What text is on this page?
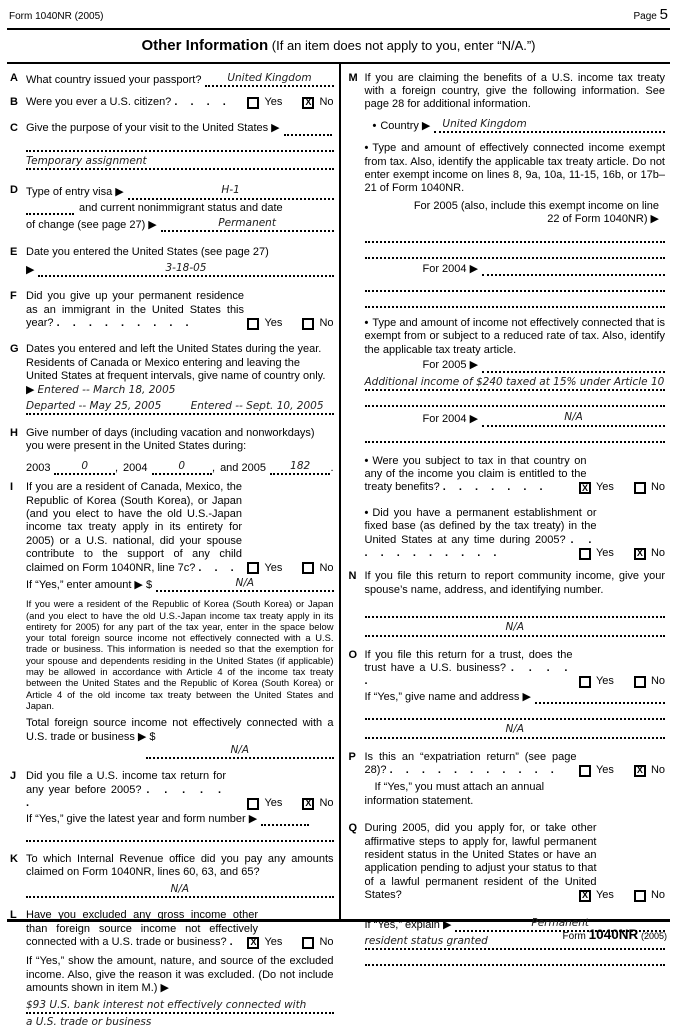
Form 1040NR (2005)	Page 5
Other Information (If an item does not apply to you, enter “N/A.”)
A What country issued your passport?	United Kingdom
B Were you ever a U.S. citizen? . . . .	Yes	X No
C Give the purpose of your visit to the United States ▶
Temporary assignment
D Type of entry visa ▶	H-1
and current nonimmigrant status and date
of change (see page 27) ▶	Permanent
E Date you entered the United States (see page 27)
▶	3-18-05
F Did you give up your permanent residence as an immigrant in the United States this year? . . . . . . . . .	Yes	No
G Dates you entered and left the United States during the year. Residents of Canada or Mexico entering and leaving the United States at frequent intervals, give name of country only. ▶ Entered -- March 18, 2005
Departed -- May 25, 2005	Entered -- Sept. 10, 2005
H Give number of days (including vacation and nonworkdays) you were present in the United States during:
2003	0	, 2004	0	, and 2005	182	.
I	If you are a resident of Canada, Mexico, the Republic of Korea (South Korea), or Japan (and you elect to have the old U.S.-Japan income tax treaty apply in its entirety for 2005) or a U.S. national, did your spouse contribute to the support of any child claimed on Form 1040NR, line 7c? . . . Yes	No
If “Yes,” enter amount ▶ $	N/A
If you were a resident of the Republic of Korea (South Korea) or Japan (and you elect to have the old U.S.-Japan income tax treaty apply in its entirety for 2005) for any part of the tax year, enter in the space below your total foreign source income not effectively connected with a U.S. trade or business. This information is needed so that the exemption for your spouse and dependents residing in the United States (if applicable) may be allowed in accordance with Article 4 of the income tax treaty between the United States and the Republic of Korea (South Korea) or Article 4 of the old income tax treaty between the United States and Japan.
Total foreign source income not effectively connected with a U.S. trade or business ▶ $
N/A
J Did you file a U.S. income tax return for any year before 2005? . . . . . .	Yes	X No
If “Yes,” give the latest year and form number ▶
K To which Internal Revenue office did you pay any amounts claimed on Form 1040NR, lines 60, 63, and 65?
N/A
L Have you excluded any gross income other than foreign source income not effectively connected with a U.S. trade or business? .	X Yes	No
If “Yes,” show the amount, nature, and source of the excluded income. Also, give the reason it was excluded. (Do not include amounts shown in item M.) ▶
$93 U.S. bank interest not effectively connected with
a U.S. trade or business
M If you are claiming the benefits of a U.S. income tax treaty with a foreign country, give the following information. See page 28 for additional information.
• Country ▶	United Kingdom
• Type and amount of effectively connected income exempt from tax. Also, identify the applicable tax treaty article. Do not enter exempt income on lines 8, 9a, 10a, 11-15, 16b, or 17b–21 of Form 1040NR.
For 2005 (also, include this exempt income on line 22 of Form 1040NR) ▶
For 2004 ▶
• Type and amount of income not effectively connected that is exempt from or subject to a reduced rate of tax. Also, identify the applicable tax treaty article.
For 2005 ▶
Additional income of $240 taxed at 15% under Article 10
For 2004 ▶	N/A
• Were you subject to tax in that country on any of the income you claim is entitled to the treaty benefits? . . . . . . .	X Yes	No
• Did you have a permanent establishment or fixed base (as defined by the tax treaty) in the United States at any time during 2005? . . . . . . . . . . .	Yes	X No
N If you file this return to report community income, give your spouse’s name, address, and identifying number.
N/A
O If you file this return for a trust, does the trust have a U.S. business? . . . . .	Yes	No
If “Yes,” give name and address ▶
N/A
P Is this an “expatriation return” (see page 28)? . . . . . . . . . . .	Yes	X No
If “Yes,” you must attach an annual information statement.
Q During 2005, did you apply for, or take other affirmative steps to apply for, lawful permanent resident status in the United States or have an application pending to adjust your status to that of a lawful permanent resident of the United States?	X Yes	No
If “Yes,” explain ▶	Permanent
resident status granted	Form 1040NR (2005)
